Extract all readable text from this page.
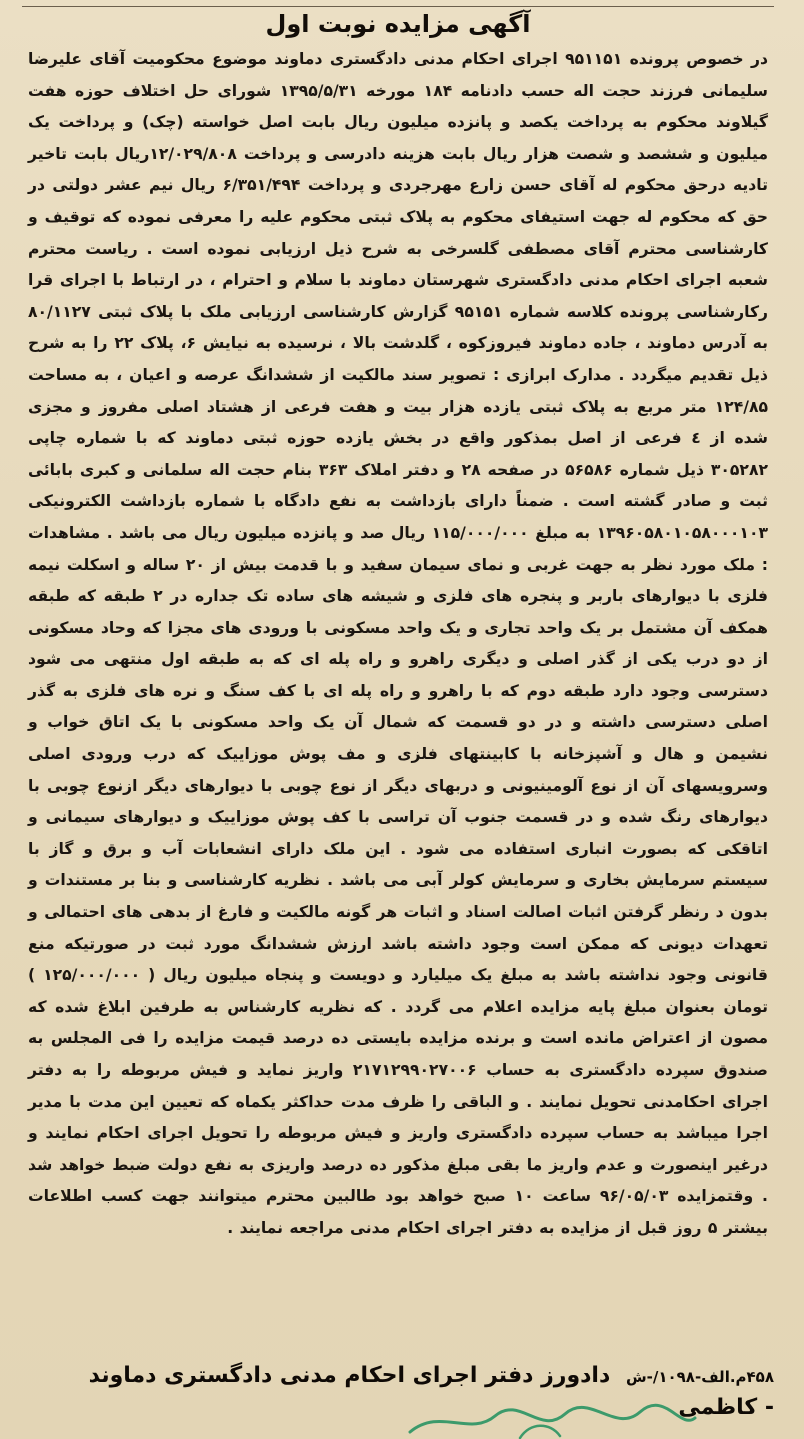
آگهی مزایده نوبت اول

در خصوص پرونده ۹۵۱۱۵۱ اجرای احکام مدنی دادگستری دماوند موضوع محکومیت آقای علیرضا سلیمانی فرزند حجت اله حسب دادنامه ۱۸۴ مورخه ۱۳۹۵/۵/۳۱ شورای حل اختلاف حوزه هفت گیلاوند محکوم به پرداخت یکصد و پانزده میلیون ریال بابت اصل خواسته (چک) و پرداخت یک میلیون و ششصد و شصت هزار ریال بابت هزینه دادرسی و پرداخت ۱۲/۰۲۹/۸۰۸ریال بابت تاخیر تادیه درحق محکوم له آقای حسن زارع مهرجردی و پرداخت ۶/۳۵۱/۴۹۴ ریال نیم عشر دولتی در حق که محکوم له جهت استیفای محکوم به پلاک ثبتی محکوم علیه را معرفی نموده که توقیف و کارشناسی محترم آقای مصطفی گلسرخی به شرح ذیل ارزیابی نموده است . ریاست محترم شعبه اجرای احکام مدنی دادگستری شهرستان دماوند با سلام و احترام ، در ارتباط با اجرای قرا رکارشناسی پرونده کلاسه شماره ۹۵۱۵۱ گزارش کارشناسی ارزیابی ملک با پلاک ثبتی ۸۰/۱۱۲۷ به آدرس دماوند ، جاده دماوند فیروزکوه ، گلدشت بالا ، نرسیده به نیایش ۶، پلاک ۲۲ را به شرح ذیل تقدیم میگردد . مدارک ابرازی : تصویر سند مالکیت از ششدانگ عرصه و اعیان ، به مساحت ۱۲۴/۸۵ متر مربع به پلاک ثبتی یازده هزار بیت و هفت فرعی از هشتاد اصلی مفروز و مجزی شده از ٤ فرعی از اصل بمذکور واقع در بخش یازده حوزه ثبتی دماوند که با شماره چاپی ۳۰۵۲۸۲ ذیل شماره ۵۶۵۸۶ در صفحه ۲۸ و دفتر املاک ۳۶۳ بنام حجت اله سلمانی و کبری بابائی ثبت و صادر گشته است . ضمناً دارای بازداشت به نفع دادگاه با شماره بازداشت الکترونیکی ۱۳۹۶۰۵۸۰۱۰۵۸۰۰۰۱۰۳ به مبلغ ۱۱۵/۰۰۰/۰۰۰ ریال صد و پانزده میلیون ریال می باشد . مشاهدات : ملک مورد نظر به جهت غربی و نمای سیمان سفید و با قدمت بیش از ۲۰ ساله و اسکلت نیمه فلزی با دیوارهای باربر و پنجره های فلزی و شیشه های ساده تک جداره در ۲ طبقه که طبقه همکف آن مشتمل بر یک واحد تجاری و یک واحد مسکونی با ورودی های مجزا که وحاد مسکونی از دو درب یکی از گذر اصلی و دیگری راهرو و راه پله ای که به طبقه اول منتهی می شود دسترسی وجود دارد طبقه دوم که با راهرو و راه پله ای با کف سنگ و نره های فلزی به گذر اصلی دسترسی داشته و در دو قسمت که شمال آن یک واحد مسکونی با یک اتاق خواب و نشیمن و هال و آشپزخانه با کابینتهای فلزی و مف پوش موزاییک که درب ورودی اصلی وسرویسهای آن از نوع آلومینیونی و دربهای دیگر از نوع چوبی با دیوارهای دیگر ازنوع چوبی با دیوارهای رنگ شده و در قسمت جنوب آن تراسی با کف پوش موزاییک و دیوارهای سیمانی و اتاقکی که بصورت انباری استفاده می شود . این ملک دارای انشعابات آب و برق و گاز با سیستم سرمایش بخاری و سرمایش کولر آبی می باشد . نظریه کارشناسی و بنا بر مستندات و بدون د رنظر گرفتن اثبات اصالت اسناد و اثبات هر گونه مالکیت و فارغ از بدهی های احتمالی و تعهدات دیونی که ممکن است وجود داشته باشد ارزش ششدانگ مورد ثبت در صورتیکه منع قانونی وجود نداشته باشد به مبلغ یک میلیارد و دویست و پنجاه میلیون ریال ( ۱۲۵/۰۰۰/۰۰۰ ) تومان بعنوان مبلغ پایه مزایده اعلام می گردد . که نظریه کارشناس به طرفین ابلاغ شده که مصون از اعتراض مانده است و برنده مزایده بایستی ده درصد قیمت مزایده را فی المجلس به صندوق سپرده دادگستری به حساب ۲۱۷۱۲۹۹۰۲۷۰۰۶ واریز نماید و فیش مربوطه را به دفتر اجرای احکامدنی تحویل نمایند . و الباقی را ظرف مدت حداکثر یکماه که تعیین این مدت با مدیر اجرا میباشد به حساب سپرده دادگستری واریز و فیش مربوطه را تحویل اجرای احکام نمایند و درغیر اینصورت و عدم واریز ما بقی مبلغ مذکور ده درصد واریزی به نفع دولت ضبط خواهد شد . وقتمزایده ۹۶/۰۵/۰۳ ساعت ۱۰ صبح خواهد بود طالبین محترم میتوانند جهت کسب اطلاعات بیشتر ۵ روز قبل از مزایده به دفتر اجرای احکام مدنی مراجعه نمایند .

۴۵۸م.الف-۱۰۹۸/-ش دادورز دفتر اجرای احکام مدنی دادگستری دماوند
- کاظمی
